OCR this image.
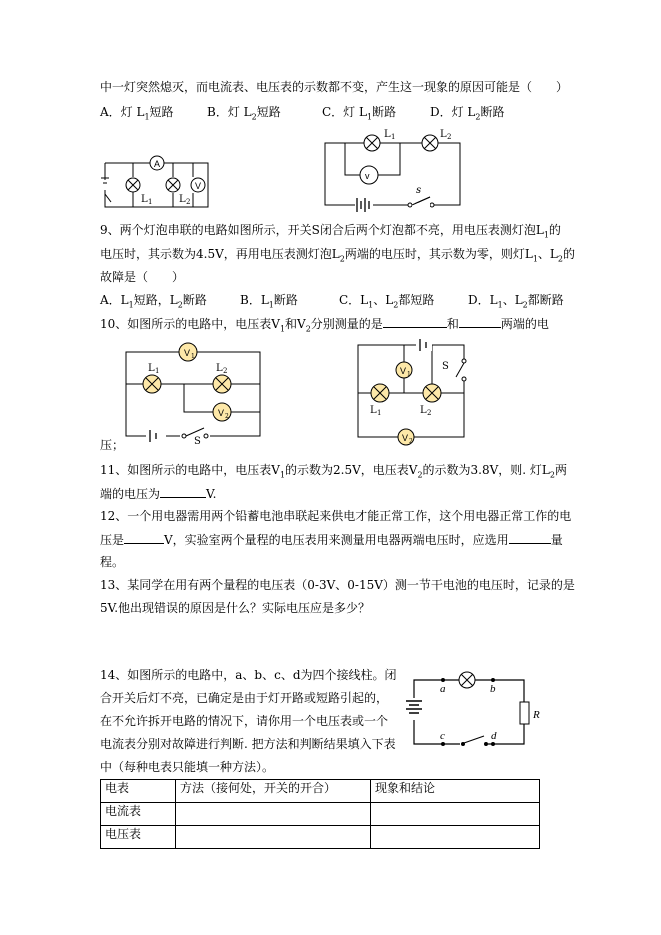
中一灯突然熄灭，而电流表、电压表的示数都不变，产生这一现象的原因可能是（　　）
A．灯 $L_1$短路	B．灯 $L_2$短路	C．灯 $L_1$断路	D．灯 $L_2$断路
A
V
L 1	L 2
v
L 1	L 2
s
9、两个灯泡串联的电路如图所示，开关S闭合后两个灯泡都不亮，用电压表测灯泡$L_1$的
电压时，其示数为4.5V，再用电压表测灯泡$L_2$两端的电压时，其示数为零，则灯$L_1$、$L_2$的
故障是（　　）
A．$L_1$短路，$L_2$断路	B．$L_1$断路	C．$L_1$、$L_2$都短路	D．$L_1$、$L_2$都断路
10、如图所示的电路中，电压表$V_1$和$V_2$分别测量的是	和	两端的电
V 1
V 2
L 1	L 2
S
V 1
V 2
L 1	L 2
S
压；
11、如图所示的电路中，电压表$V_1$的示数为2.5V，电压表$V_2$的示数为3.8V，则. 灯$L_2$两
端的电压为	V.
12、一个用电器需用两个铅蓄电池串联起来供电才能正常工作，这个用电器正常工作的电
压是	V，实验室两个量程的电压表用来测量用电器两端电压时，应选用	量
程。
13、某同学在用有两个量程的电压表（0-3V、0-15V）测一节干电池的电压时，记录的是
5V.他出现错误的原因是什么？实际电压应是多少？
14、如图所示的电路中，a、b、c、d为四个接线柱。闭
合开关后灯不亮，已确定是由于灯开路或短路引起的，
在不允许拆开电路的情况下，请你用一个电压表或一个
电流表分别对故障进行判断. 把方法和判断结果填入下表
中（每种电表只能填一种方法）。
a	b
c	d
R
电表	方法（接何处，开关的开合）	现象和结论
电流表		
电压表		
